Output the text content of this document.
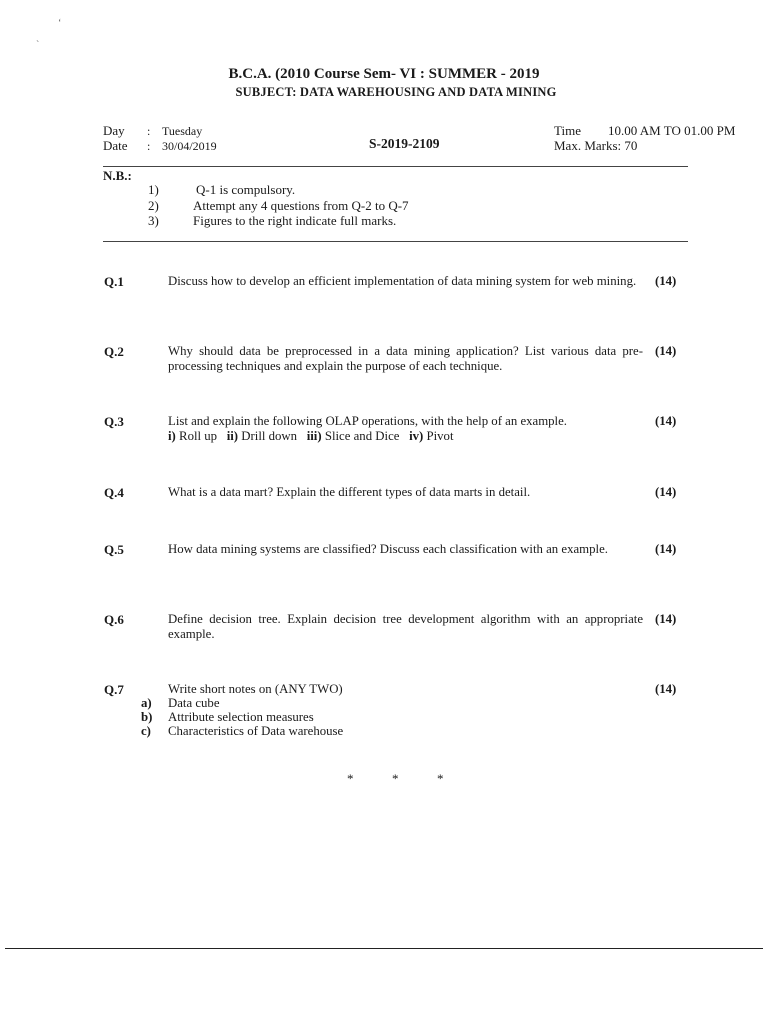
‘
`
B.C.A. (2010 Course Sem- VI : SUMMER - 2019
SUBJECT: DATA WAREHOUSING AND DATA MINING
Day : Tuesday
Date : 30/04/2019	S-2019-2109
Time 10.00 AM TO 01.00 PM
Max. Marks: 70
N.B.:
1)	Q-1 is compulsory.
2)	Attempt any 4 questions from Q-2 to Q-7
3)	Figures to the right indicate full marks.
Q.1	Discuss how to develop an efficient implementation of data mining system for web mining.	(14)
Q.2	Why should data be preprocessed in a data mining application? List various data pre-processing techniques and explain the purpose of each technique.
(14)
Q.3	List and explain the following OLAP operations, with the help of an example.	(14)
i) Roll up ii) Drill down iii) Slice and Dice iv) Pivot
Q.4	What is a data mart? Explain the different types of data marts in detail.	(14)
Q.5	How data mining systems are classified? Discuss each classification with an example.	(14)
Q.6	Define decision tree. Explain decision tree development algorithm with an appropriate example.
(14)
Q.7	Write short notes on (ANY TWO)	(14)
a) Data cube
b) Attribute selection measures
c) Characteristics of Data warehouse
*	*	*
